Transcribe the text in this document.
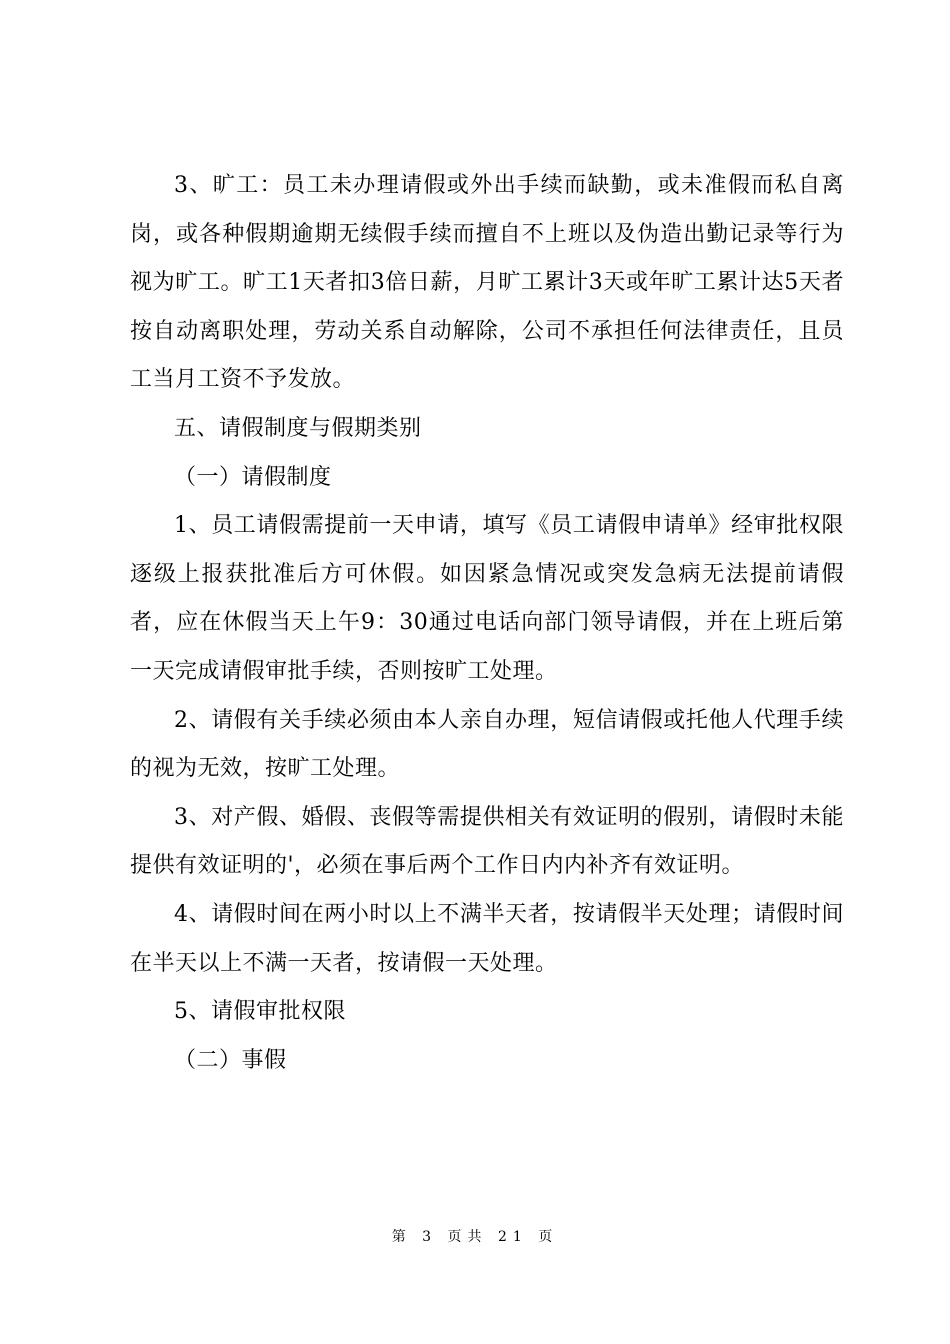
3、旷工：员工未办理请假或外出手续而缺勤，或未准假而私自离岗，或各种假期逾期无续假手续而擅自不上班以及伪造出勤记录等行为视为旷工。旷工1天者扣3倍日薪，月旷工累计3天或年旷工累计达5天者按自动离职处理，劳动关系自动解除，公司不承担任何法律责任，且员工当月工资不予发放。

五、请假制度与假期类别

（一）请假制度

1、员工请假需提前一天申请，填写《员工请假申请单》经审批权限逐级上报获批准后方可休假。如因紧急情况或突发急病无法提前请假者，应在休假当天上午9：30通过电话向部门领导请假，并在上班后第一天完成请假审批手续，否则按旷工处理。

2、请假有关手续必须由本人亲自办理，短信请假或托他人代理手续的视为无效，按旷工处理。

3、对产假、婚假、丧假等需提供相关有效证明的假别，请假时未能提供有效证明的'，必须在事后两个工作日内内补齐有效证明。

4、请假时间在两小时以上不满半天者，按请假半天处理；请假时间在半天以上不满一天者，按请假一天处理。

5、请假审批权限

（二）事假

第 3 页共 21 页
